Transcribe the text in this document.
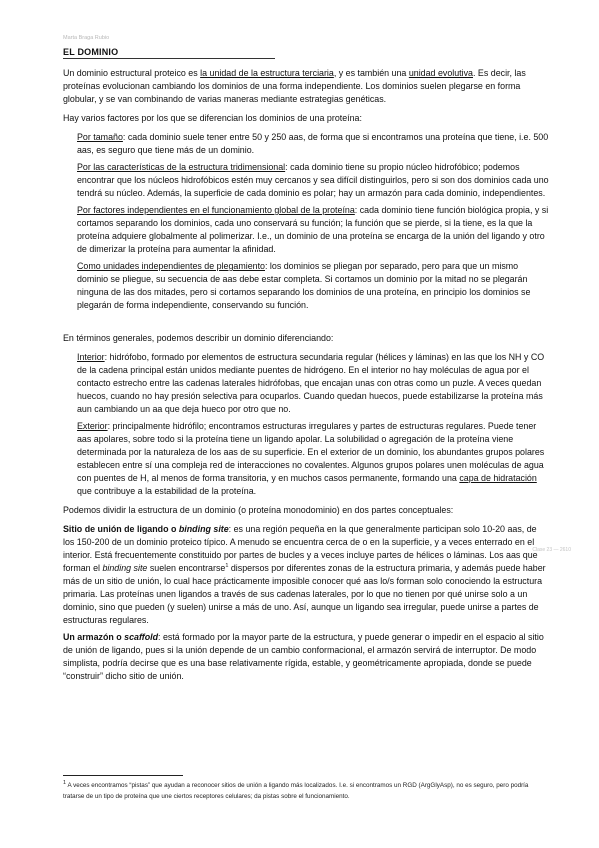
Marta Braga Rubio
EL DOMINIO

Un dominio estructural proteico es la unidad de la estructura terciaria, y es también una unidad evolutiva. Es decir, las proteínas evolucionan cambiando los dominios de una forma independiente. Los dominios suelen plegarse en forma globular, y se van combinando de varias maneras mediante estrategias genéticas.

Hay varios factores por los que se diferencian los dominios de una proteína:

Por tamaño: cada dominio suele tener entre 50 y 250 aas, de forma que si encontramos una proteína que tiene, i.e. 500 aas, es seguro que tiene más de un dominio.

Por las características de la estructura tridimensional: cada dominio tiene su propio núcleo hidrofóbico; podemos encontrar que los núcleos hidrofóbicos estén muy cercanos y sea difícil distinguirlos, pero si son dos dominios cada uno tendrá su núcleo. Además, la superficie de cada dominio es polar; hay un armazón para cada dominio, independientes.

Por factores independientes en el funcionamiento global de la proteína: cada dominio tiene función biológica propia, y si cortamos separando los dominios, cada uno conservará su función; la función que se pierde, si la tiene, es la que la proteína adquiere globalmente al polimerizar. I.e., un dominio de una proteína se encarga de la unión del ligando y otro de dimerizar la proteína para aumentar la afinidad.

Como unidades independientes de plegamiento: los dominios se pliegan por separado, pero para que un mismo dominio se pliegue, su secuencia de aas debe estar completa. Si cortamos un dominio por la mitad no se plegarán ninguna de las dos mitades, pero si cortamos separando los dominios de una proteína, en principio los dominios se plegarán de forma independiente, conservando su función.

En términos generales, podemos describir un dominio diferenciando:

Interior: hidrófobo, formado por elementos de estructura secundaria regular (hélices y láminas) en las que los NH y CO de la cadena principal están unidos mediante puentes de hidrógeno. En el interior no hay moléculas de agua por el contacto estrecho entre las cadenas laterales hidrófobas, que encajan unas con otras como un puzle. A veces quedan huecos, cuando no hay presión selectiva para ocuparlos. Cuando quedan huecos, puede estabilizarse la proteína más aun cambiando un aa que deja hueco por otro que no.

Exterior: principalmente hidrófilo; encontramos estructuras irregulares y partes de estructuras regulares. Puede tener aas apolares, sobre todo si la proteína tiene un ligando apolar. La solubilidad o agregación de la proteína viene determinada por la naturaleza de los aas de su superficie. En el exterior de un dominio, los abundantes grupos polares establecen entre sí una compleja red de interacciones no covalentes. Algunos grupos polares unen moléculas de agua con puentes de H, al menos de forma transitoria, y en muchos casos permanente, formando una capa de hidratación que contribuye a la estabilidad de la proteína.

Podemos dividir la estructura de un dominio (o proteína monodominio) en dos partes conceptuales:

Sitio de unión de ligando o binding site: es una región pequeña en la que generalmente participan solo 10-20 aas, de los 150-200 de un dominio proteico típico. A menudo se encuentra cerca de o en la superficie, y a veces enterrado en el interior. Está frecuentemente constituido por partes de bucles y a veces incluye partes de hélices o láminas. Los aas que forman el binding site suelen encontrarse$^1$ dispersos por diferentes zonas de la estructura primaria, y además puede haber más de un sitio de unión, lo cual hace prácticamente imposible conocer qué aas lo/s forman solo conociendo la estructura primaria. Las proteínas unen ligandos a través de sus cadenas laterales, por lo que no tienen por qué unirse solo a un dominio, sino que pueden (y suelen) unirse a más de uno. Así, aunque un ligando sea irregular, puede unirse a partes de estructuras regulares.

Un armazón o scaffold: está formado por la mayor parte de la estructura, y puede generar o impedir en el espacio al sitio de unión de ligando, pues si la unión depende de un cambio conformacional, el armazón servirá de interruptor. De modo simplista, podría decirse que es una base relativamente rígida, estable, y geométricamente apropiada, donde se puede “construir” dicho sitio de unión.

Clase 23 — 2610
$^1$ A veces encontramos “pistas” que ayudan a reconocer sitios de unión a ligando más localizados. I.e. si encontramos un RGD (ArgGlyAsp), no es seguro, pero podría tratarse de un tipo de proteína que une ciertos receptores celulares; da pistas sobre el funcionamiento.
